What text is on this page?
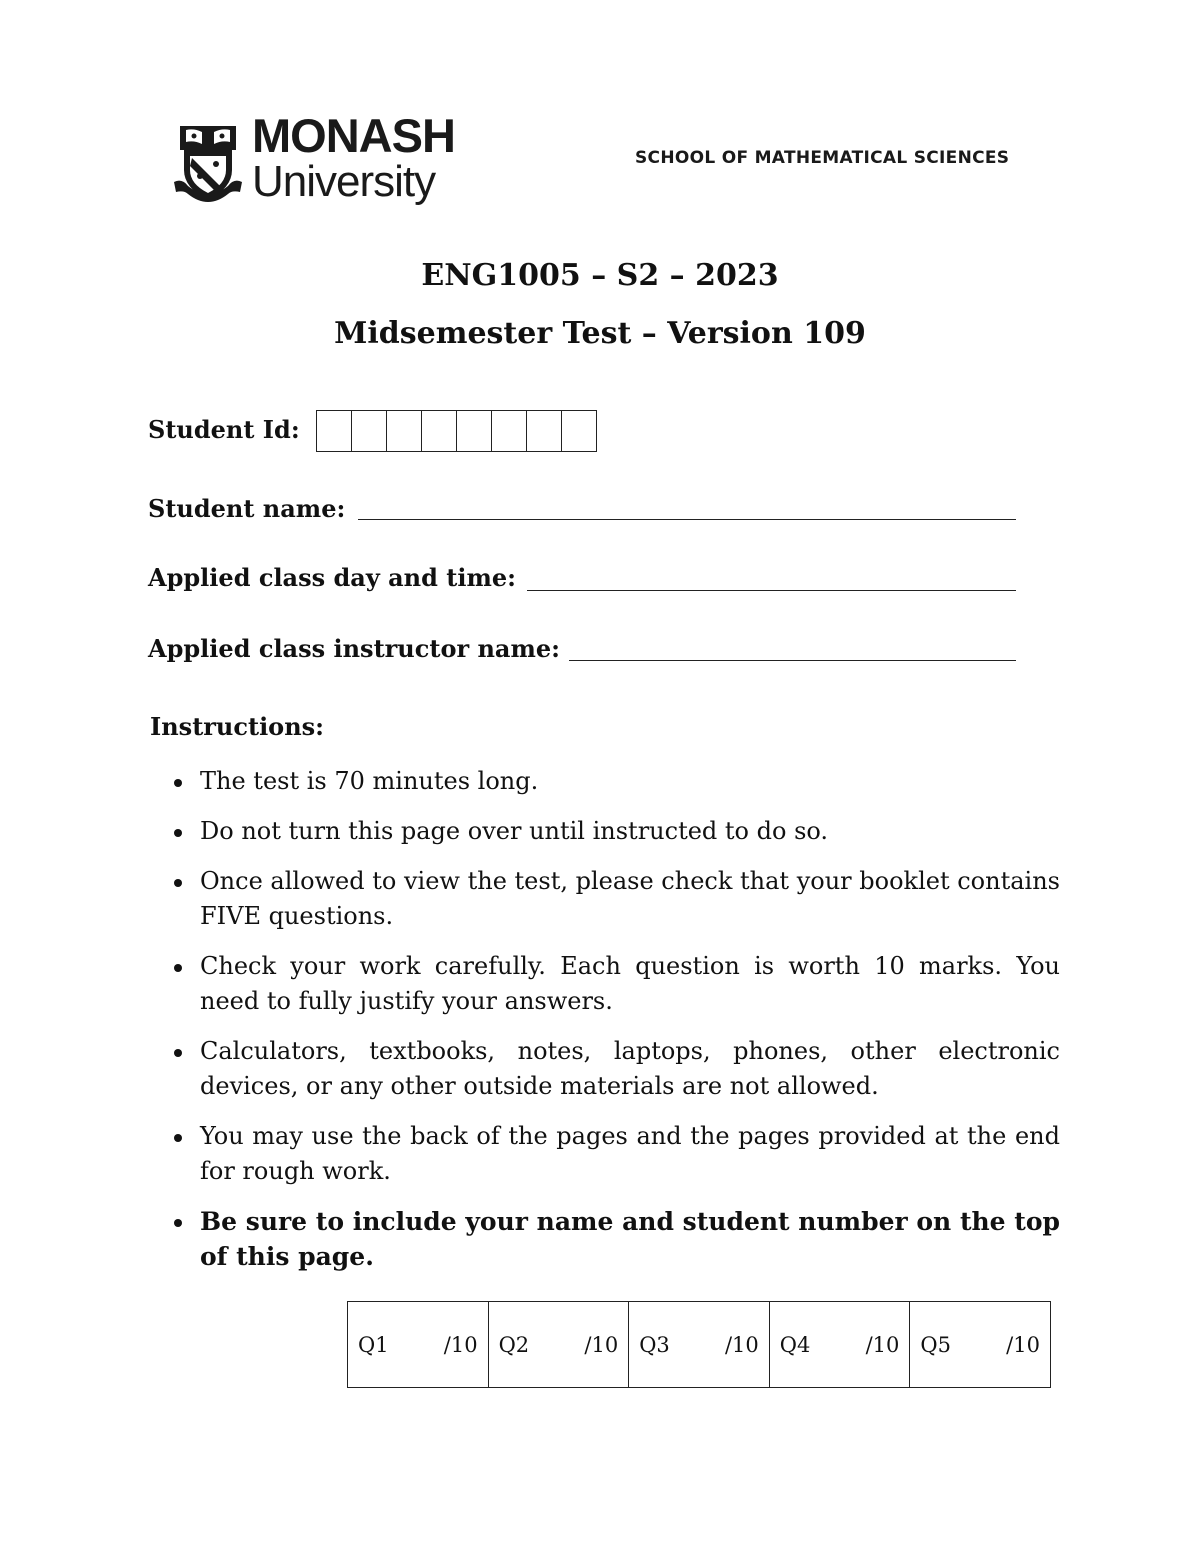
MONASH
University	SCHOOL OF MATHEMATICAL SCIENCES
ENG1005 – S2 – 2023
Midsemester Test – Version 109
Student Id:
Student name:
Applied class day and time:
Applied class instructor name:
Instructions:
The test is 70 minutes long.
Do not turn this page over until instructed to do so.
Once allowed to view the test, please check that your booklet contains FIVE questions.
Check your work carefully. Each question is worth 10 marks. You need to fully justify your answers.
Calculators, textbooks, notes, laptops, phones, other electronic devices, or any other outside materials are not allowed.
You may use the back of the pages and the pages provided at the end for rough work.
Be sure to include your name and student number on the top of this page.
Q1	/10 Q2	/10 Q3	/10 Q4	/10 Q5	/10
